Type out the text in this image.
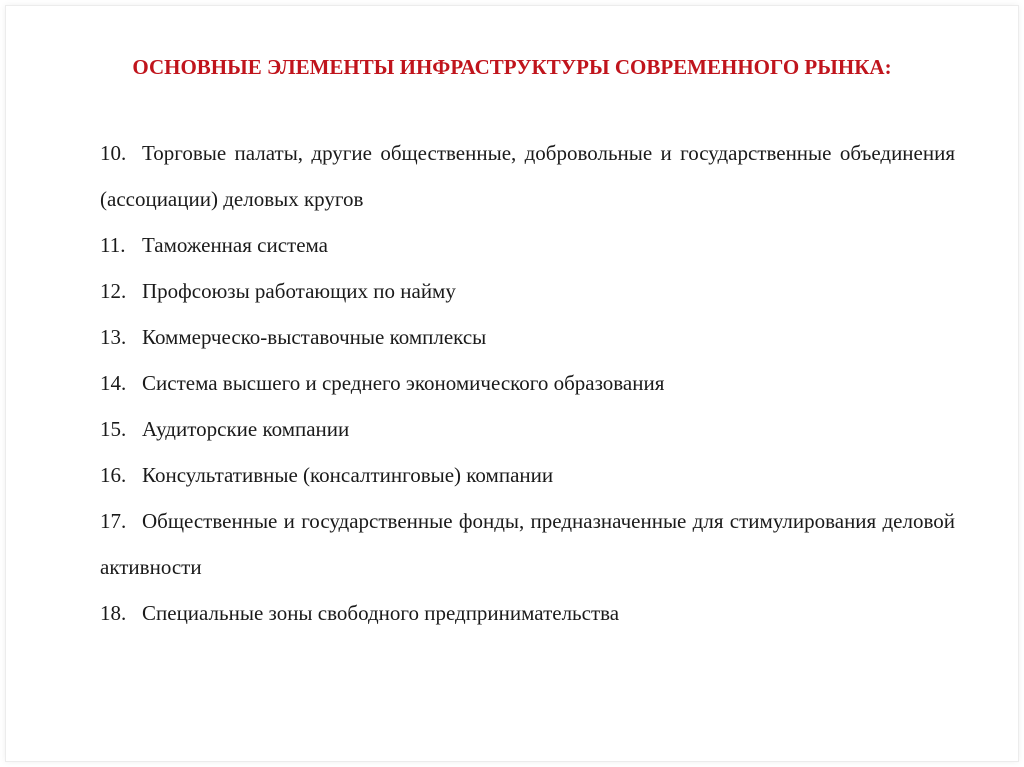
ОСНОВНЫЕ ЭЛЕМЕНТЫ ИНФРАСТРУКТУРЫ СОВРЕМЕННОГО РЫНКА:
10. Торговые палаты, другие общественные, добровольные и государственные объединения (ассоциации) деловых кругов
11. Таможенная система
12. Профсоюзы работающих по найму
13. Коммерческо-выставочные комплексы
14. Система высшего и среднего экономического образования
15. Аудиторские компании
16. Консультативные (консалтинговые) компании
17. Общественные и государственные фонды, предназначенные для стимулирования деловой активности
18. Специальные зоны свободного предпринимательства
